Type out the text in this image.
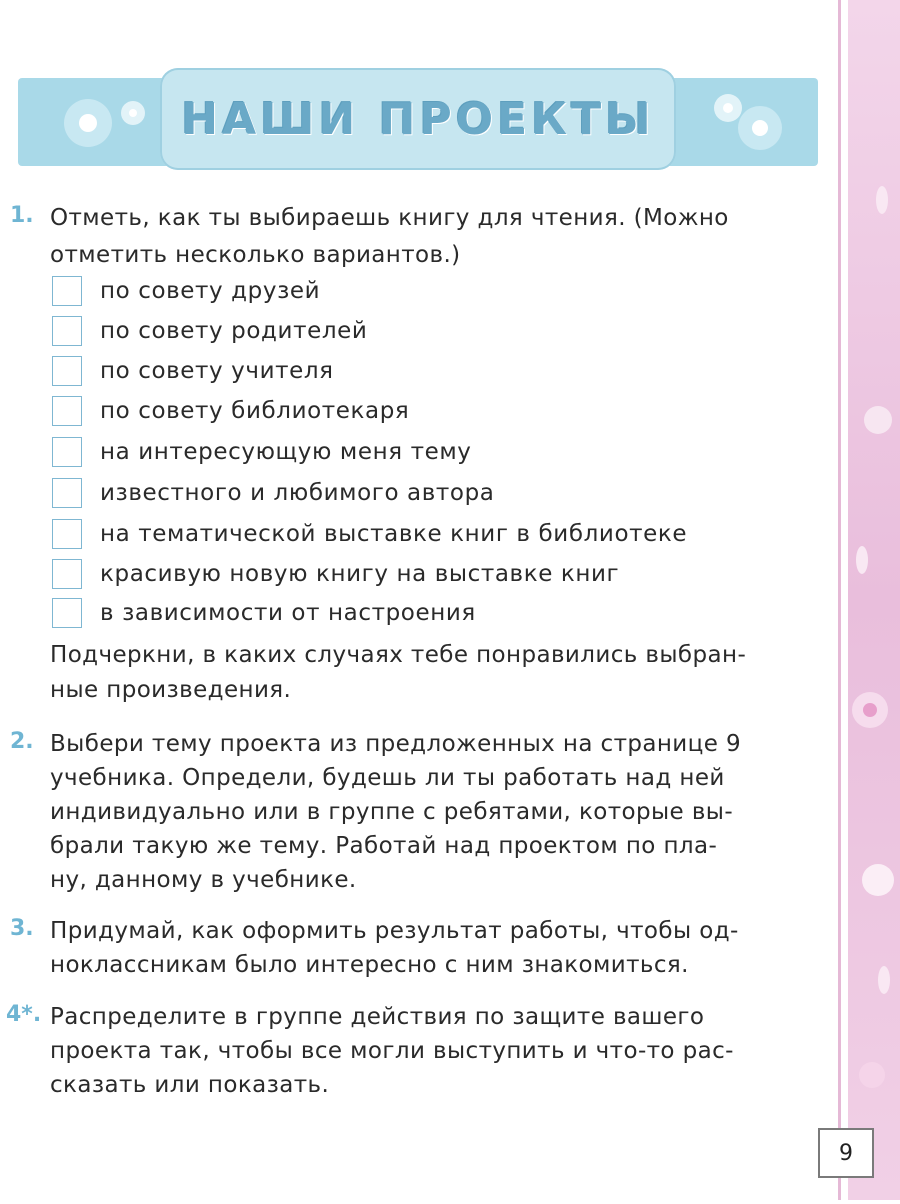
НАШИ ПРОЕКТЫ
1. Отметь, как ты выбираешь книгу для чтения. (Можно
отметить несколько вариантов.)
по совету друзей
по совету родителей
по совету учителя
по совету библиотекаря
на интересующую меня тему
известного и любимого автора
на тематической выставке книг в библиотеке
красивую новую книгу на выставке книг
в зависимости от настроения
Подчеркни, в каких случаях тебе понравились выбран-
ные произведения.
2. Выбери тему проекта из предложенных на странице 9
учебника. Определи, будешь ли ты работать над ней
индивидуально или в группе с ребятами, которые вы-
брали такую же тему. Работай над проектом по пла-
ну, данному в учебнике.
3. Придумай, как оформить результат работы, чтобы од-
ноклассникам было интересно с ним знакомиться.
4*. Распределите в группе действия по защите вашего
проекта так, чтобы все могли выступить и что-то рас-
сказать или показать.
9
